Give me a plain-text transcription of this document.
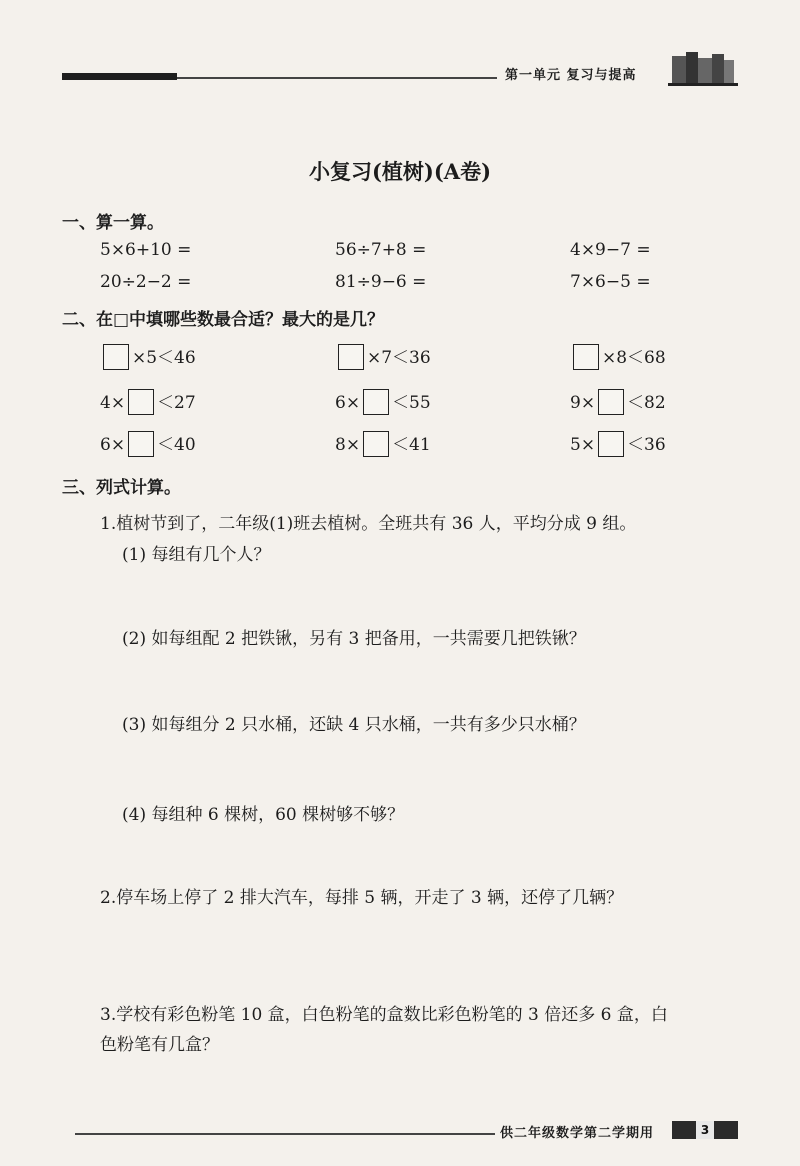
第一单元 复习与提高
小复习(植树)(A卷)
一、算一算。
5×6+10 =	56÷7+8 =	4×9−7 =
20÷2−2 =	81÷9−6 =	7×6−5 =
二、在□中填哪些数最合适？最大的是几？
×5＜46	×7＜36	×8＜68
4× ＜27	6× ＜55	9× ＜82
6× ＜40	8× ＜41	5× ＜36
三、列式计算。
1.植树节到了，二年级(1)班去植树。全班共有 36 人，平均分成 9 组。
(1) 每组有几个人？
(2) 如每组配 2 把铁锹，另有 3 把备用，一共需要几把铁锹？
(3) 如每组分 2 只水桶，还缺 4 只水桶，一共有多少只水桶？
(4) 每组种 6 棵树，60 棵树够不够？
2.停车场上停了 2 排大汽车，每排 5 辆，开走了 3 辆，还停了几辆？
3.学校有彩色粉笔 10 盒，白色粉笔的盒数比彩色粉笔的 3 倍还多 6 盒，白
色粉笔有几盒？
供二年级数学第二学期用	3
